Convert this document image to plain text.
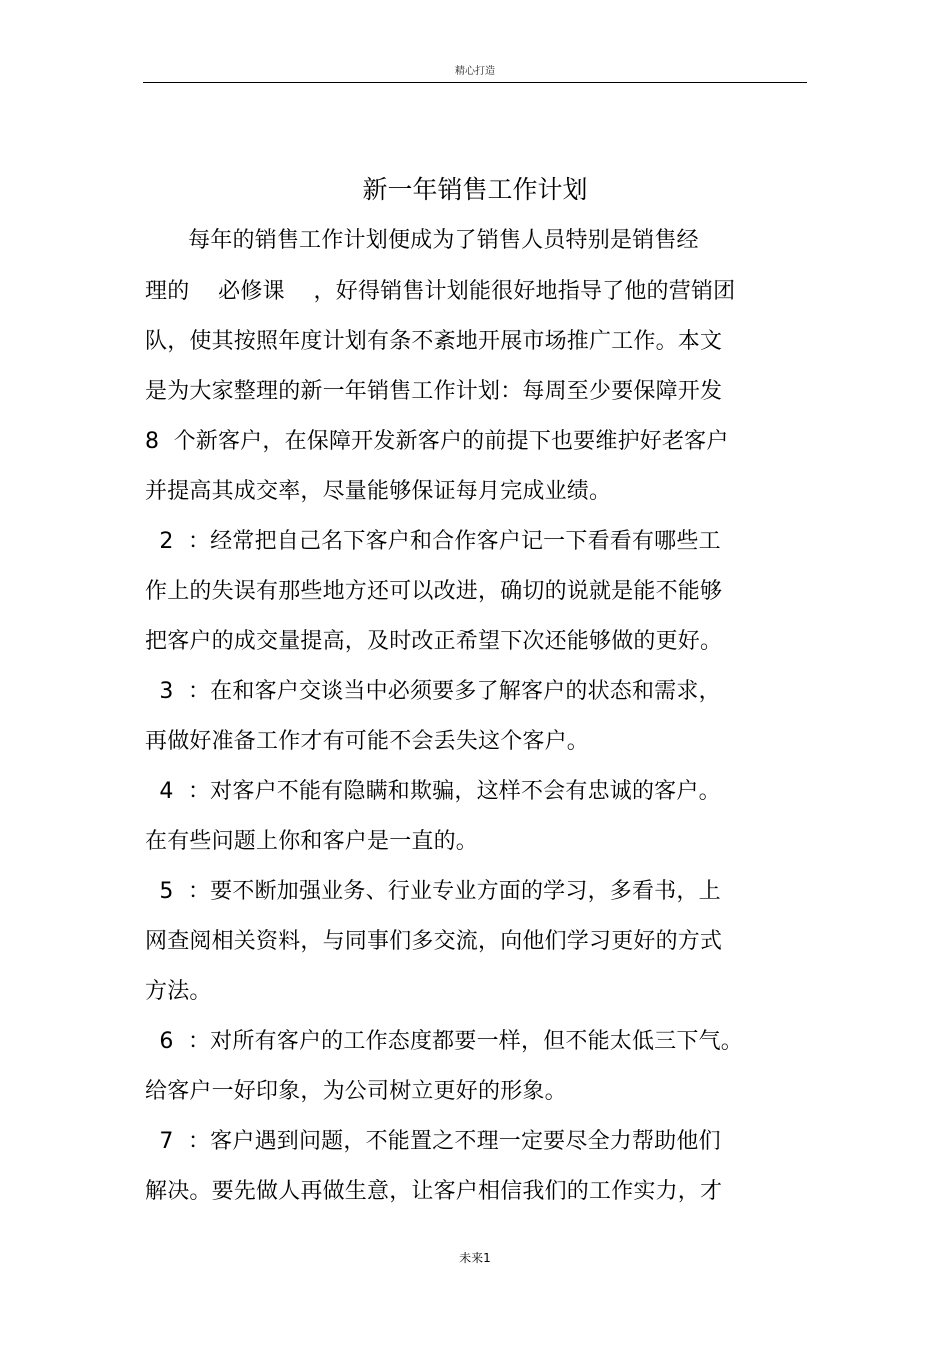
精心打造
新一年销售工作计划
每年的销售工作计划便成为了销售人员特别是销售经
理的    必修课    ，好得销售计划能很好地指导了他的营销团
队，使其按照年度计划有条不紊地开展市场推广工作。本文
是为大家整理的新一年销售工作计划：每周至少要保障开发
8  个新客户，在保障开发新客户的前提下也要维护好老客户
并提高其成交率，尽量能够保证每月完成业绩。
2  ：经常把自己名下客户和合作客户记一下看看有哪些工
作上的失误有那些地方还可以改进，确切的说就是能不能够
把客户的成交量提高，及时改正希望下次还能够做的更好。
3  ：在和客户交谈当中必须要多了解客户的状态和需求，
再做好准备工作才有可能不会丢失这个客户。
4  ：对客户不能有隐瞒和欺骗，这样不会有忠诚的客户。
在有些问题上你和客户是一直的。
5  ：要不断加强业务、行业专业方面的学习，多看书，上
网查阅相关资料，与同事们多交流，向他们学习更好的方式
方法。
6  ：对所有客户的工作态度都要一样，但不能太低三下气。
给客户一好印象，为公司树立更好的形象。
7  ：客户遇到问题，不能置之不理一定要尽全力帮助他们
解决。要先做人再做生意，让客户相信我们的工作实力，才
未来1
